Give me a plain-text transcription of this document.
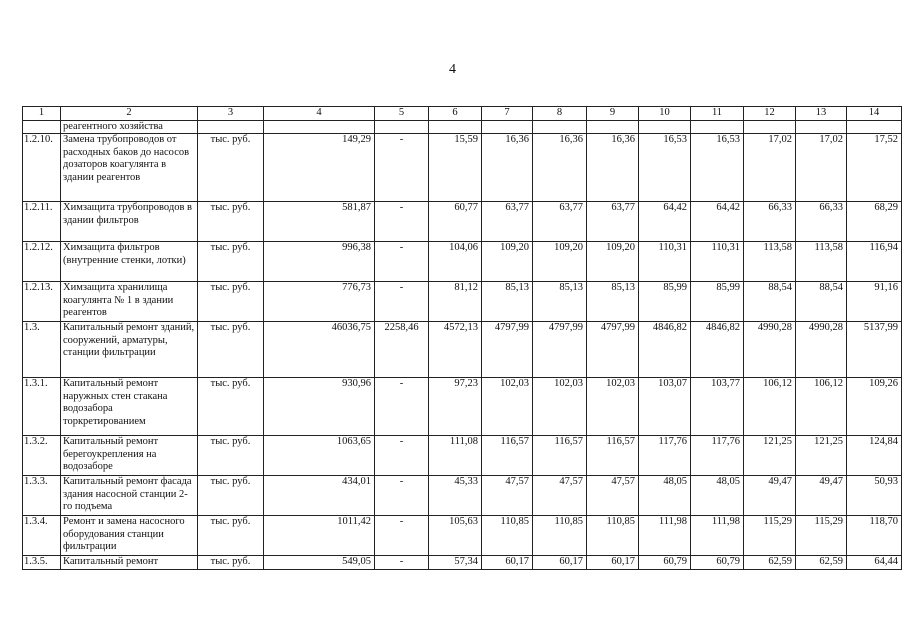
4
1	2	3	4	5	6	7	8	9	10	11	12	13	14
	реагентного хозяйства												
1.2.10.	Замена трубопроводов от расходных баков до насосов дозаторов коагулянта в здании реагентов	тыс. руб.	149,29	-	15,59	16,36	16,36	16,36	16,53	16,53	17,02	17,02	17,52
1.2.11.	Химзащита трубопроводов в здании фильтров	тыс. руб.	581,87	-	60,77	63,77	63,77	63,77	64,42	64,42	66,33	66,33	68,29
1.2.12.	Химзащита фильтров (внутренние стенки, лотки)	тыс. руб.	996,38	-	104,06	109,20	109,20	109,20	110,31	110,31	113,58	113,58	116,94
1.2.13.	Химзащита хранилища коагулянта № 1 в здании реагентов	тыс. руб.	776,73	-	81,12	85,13	85,13	85,13	85,99	85,99	88,54	88,54	91,16
1.3.	Капитальный ремонт зданий, сооружений, арматуры, станции фильтрации	тыс. руб.	46036,75	2258,46	4572,13	4797,99	4797,99	4797,99	4846,82	4846,82	4990,28	4990,28	5137,99
1.3.1.	Капитальный ремонт наружных стен стакана водозабора торкретированием	тыс. руб.	930,96	-	97,23	102,03	102,03	102,03	103,07	103,77	106,12	106,12	109,26
1.3.2.	Капитальный ремонт берегоукрепления на водозаборе	тыс. руб.	1063,65	-	111,08	116,57	116,57	116,57	117,76	117,76	121,25	121,25	124,84
1.3.3.	Капитальный ремонт фасада здания насосной станции 2-го подъема	тыс. руб.	434,01	-	45,33	47,57	47,57	47,57	48,05	48,05	49,47	49,47	50,93
1.3.4.	Ремонт и замена насосного оборудования станции фильтрации	тыс. руб.	1011,42	-	105,63	110,85	110,85	110,85	111,98	111,98	115,29	115,29	118,70
1.3.5.	Капитальный ремонт	тыс. руб.	549,05	-	57,34	60,17	60,17	60,17	60,79	60,79	62,59	62,59	64,44
